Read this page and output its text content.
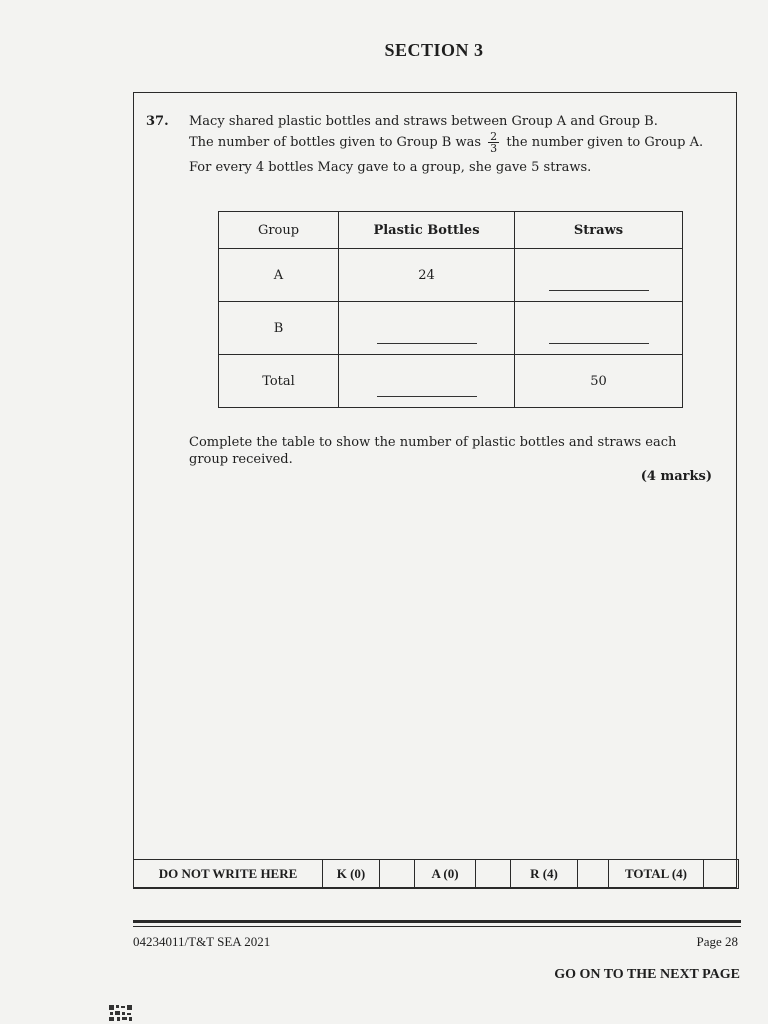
SECTION 3
37. Macy shared plastic bottles and straws between Group A and Group B.
The number of bottles given to Group B was $\frac{2}{3}$ the number given to Group A.
For every 4 bottles Macy gave to a group, she gave 5 straws.
Group	Plastic Bottles	Straws
A	24	

B	

Total		50
Complete the table to show the number of plastic bottles and straws each group received.
(4 marks)
DO NOT WRITE HERE	K (0)		A (0)		R (4)		TOTAL (4)	
04234011/T&T SEA 2021	Page 28
GO ON TO THE NEXT PAGE
